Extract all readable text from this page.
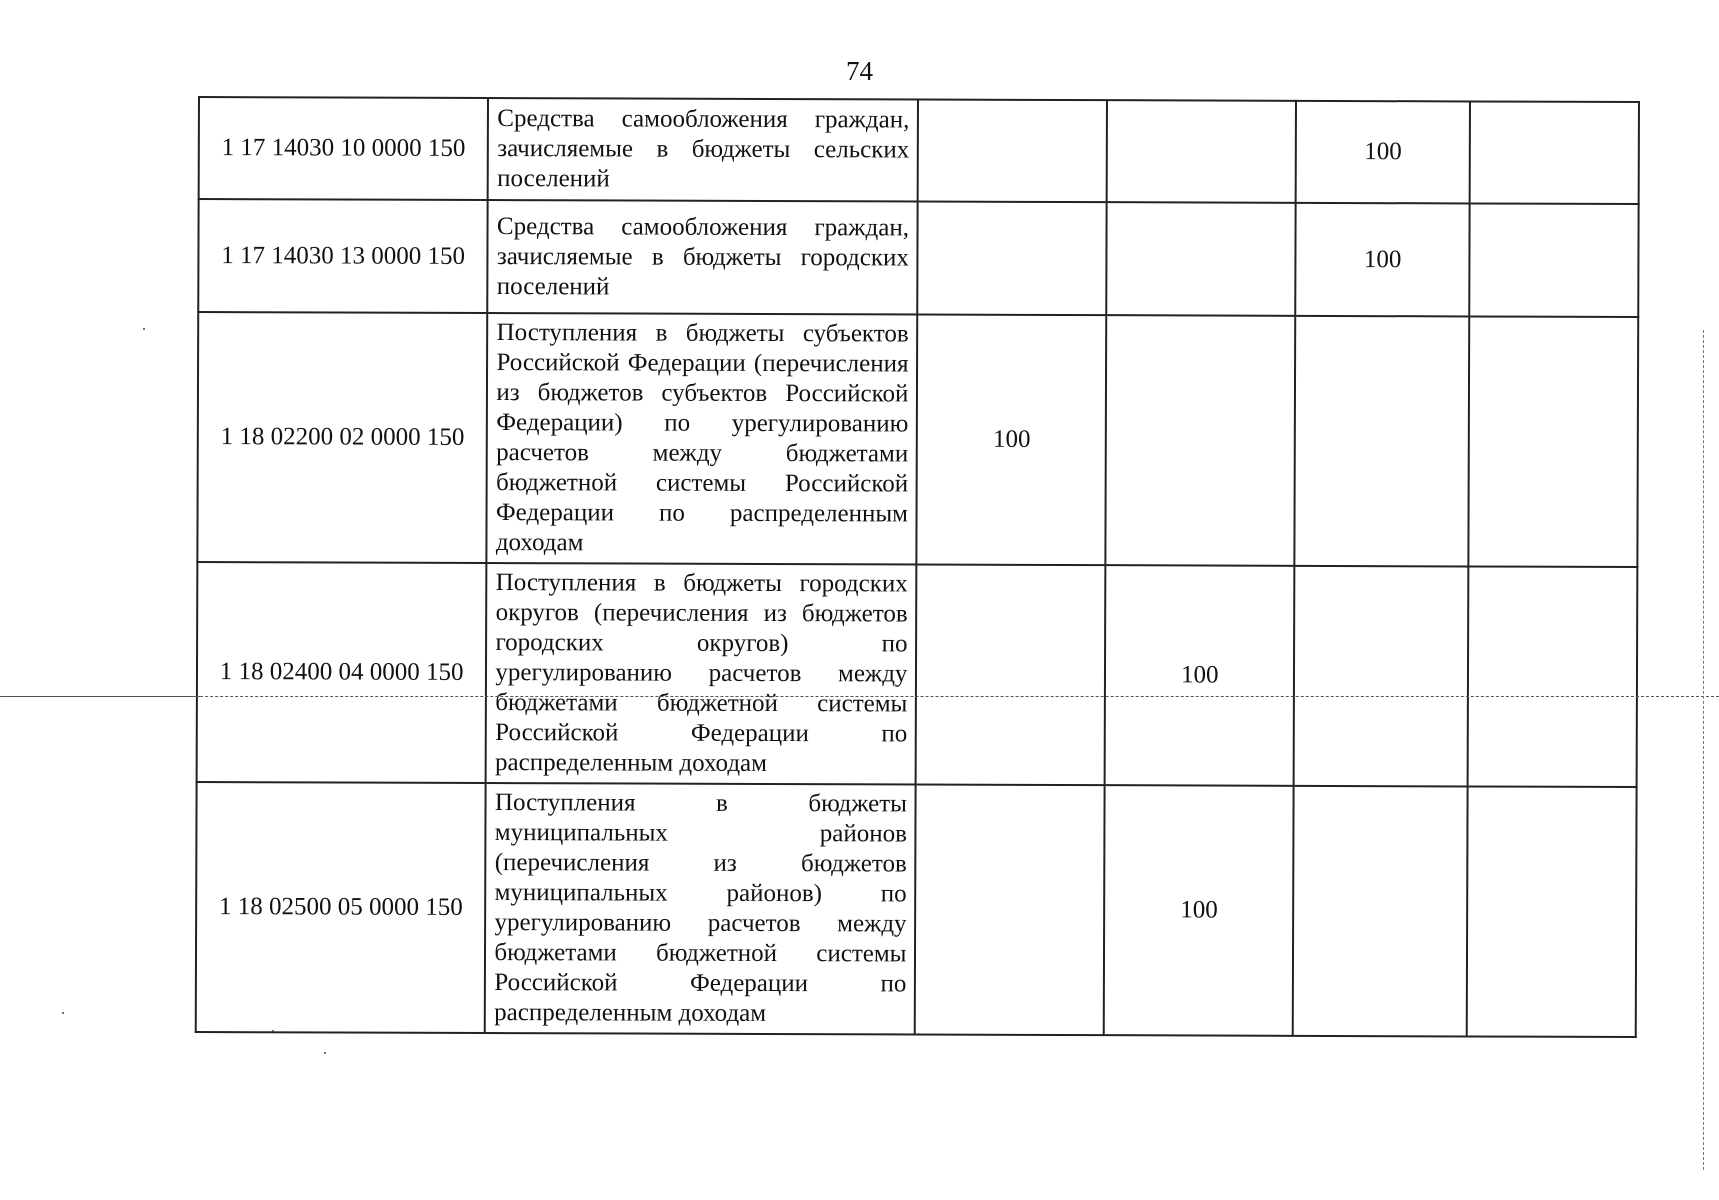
74
1 17 14030 10 0000 150	Средства самообложения граждан, зачисляемые в бюджеты сельских поселений			100	
1 17 14030 13 0000 150	Средства самообложения граждан, зачисляемые в бюджеты городских поселений			100	
1 18 02200 02 0000 150	Поступления в бюджеты субъектов Российской Федерации (перечисления из бюджетов субъектов Российской Федерации) по урегулированию расчетов между бюджетами бюджетной системы Российской Федерации по распределенным доходам	100			
1 18 02400 04 0000 150	Поступления в бюджеты городских округов (перечисления из бюджетов городских округов) по урегулированию расчетов между бюджетами бюджетной системы Российской Федерации по распределенным доходам		100		
1 18 02500 05 0000 150	Поступления в бюджеты муниципальных районов (перечисления из бюджетов муниципальных районов) по урегулированию расчетов между бюджетами бюджетной системы Российской Федерации по распределенным доходам		100		
